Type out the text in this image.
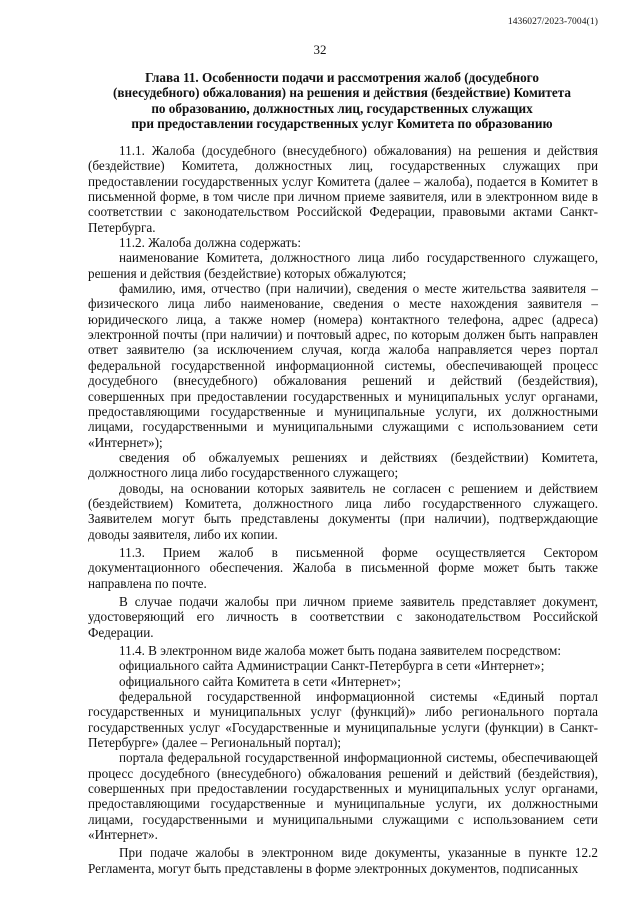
1436027/2023-7004(1)
32
Глава 11. Особенности подачи и рассмотрения жалоб (досудебного
(внесудебного) обжалования) на решения и действия (бездействие) Комитета
по образованию, должностных лиц, государственных служащих
при предоставлении государственных услуг Комитета по образованию

11.1. Жалоба (досудебного (внесудебного) обжалования) на решения и действия (бездействие) Комитета, должностных лиц, государственных служащих при предоставлении государственных услуг Комитета (далее – жалоба), подается в Комитет в письменной форме, в том числе при личном приеме заявителя, или в электронном виде в соответствии с законодательством Российской Федерации, правовыми актами Санкт-Петербурга.

11.2. Жалоба должна содержать:

наименование Комитета, должностного лица либо государственного служащего, решения и действия (бездействие) которых обжалуются;

фамилию, имя, отчество (при наличии), сведения о месте жительства заявителя – физического лица либо наименование, сведения о месте нахождения заявителя – юридического лица, а также номер (номера) контактного телефона, адрес (адреса) электронной почты (при наличии) и почтовый адрес, по которым должен быть направлен ответ заявителю (за исключением случая, когда жалоба направляется через портал федеральной государственной информационной системы, обеспечивающей процесс досудебного (внесудебного) обжалования решений и действий (бездействия), совершенных при предоставлении государственных и муниципальных услуг органами, предоставляющими государственные и муниципальные услуги, их должностными лицами, государственными и муниципальными служащими с использованием сети «Интернет»);

сведения об обжалуемых решениях и действиях (бездействии) Комитета, должностного лица либо государственного служащего;

доводы, на основании которых заявитель не согласен с решением и действием (бездействием) Комитета, должностного лица либо государственного служащего. Заявителем могут быть представлены документы (при наличии), подтверждающие доводы заявителя, либо их копии.

11.3. Прием жалоб в письменной форме осуществляется Сектором документационного обеспечения. Жалоба в письменной форме может быть также направлена по почте.

В случае подачи жалобы при личном приеме заявитель представляет документ, удостоверяющий его личность в соответствии с законодательством Российской Федерации.

11.4. В электронном виде жалоба может быть подана заявителем посредством:

официального сайта Администрации Санкт-Петербурга в сети «Интернет»;

официального сайта Комитета в сети «Интернет»;

федеральной государственной информационной системы «Единый портал государственных и муниципальных услуг (функций)» либо регионального портала государственных услуг «Государственные и муниципальные услуги (функции) в Санкт-Петербурге» (далее – Региональный портал);

портала федеральной государственной информационной системы, обеспечивающей процесс досудебного (внесудебного) обжалования решений и действий (бездействия), совершенных при предоставлении государственных и муниципальных услуг органами, предоставляющими государственные и муниципальные услуги, их должностными лицами, государственными и муниципальными служащими с использованием сети «Интернет».

При подаче жалобы в электронном виде документы, указанные в пункте 12.2 Регламента, могут быть представлены в форме электронных документов, подписанных
